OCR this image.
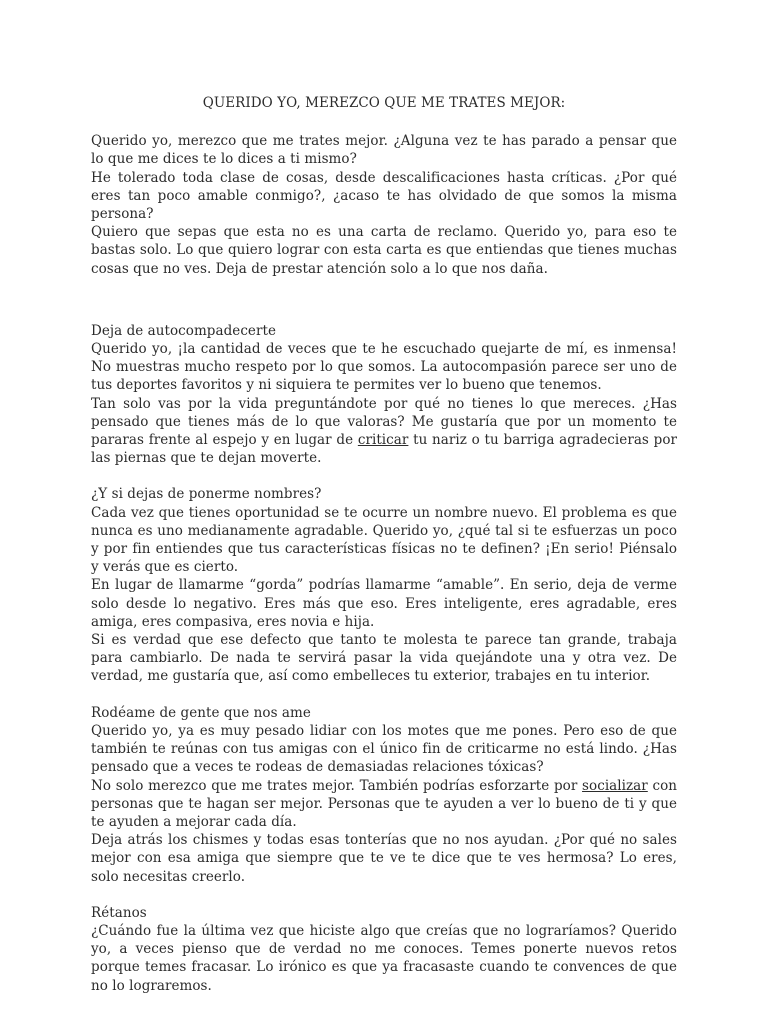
QUERIDO YO, MEREZCO QUE ME TRATES MEJOR:

Querido yo, merezco que me trates mejor. ¿Alguna vez te has parado a pensar que lo que me dices te lo dices a ti mismo?

He tolerado toda clase de cosas, desde descalificaciones hasta críticas. ¿Por qué eres tan poco amable conmigo?, ¿acaso te has olvidado de que somos la misma persona?

Quiero que sepas que esta no es una carta de reclamo. Querido yo, para eso te bastas solo. Lo que quiero lograr con esta carta es que entiendas que tienes muchas cosas que no ves. Deja de prestar atención solo a lo que nos daña.

Deja de autocompadecerte

Querido yo, ¡la cantidad de veces que te he escuchado quejarte de mí, es inmensa! No muestras mucho respeto por lo que somos. La autocompasión parece ser uno de tus deportes favoritos y ni siquiera te permites ver lo bueno que tenemos.

Tan solo vas por la vida preguntándote por qué no tienes lo que mereces. ¿Has pensado que tienes más de lo que valoras? Me gustaría que por un momento te pararas frente al espejo y en lugar de criticar tu nariz o tu barriga agradecieras por las piernas que te dejan moverte.

¿Y si dejas de ponerme nombres?

Cada vez que tienes oportunidad se te ocurre un nombre nuevo. El problema es que nunca es uno medianamente agradable. Querido yo, ¿qué tal si te esfuerzas un poco y por fin entiendes que tus características físicas no te definen? ¡En serio! Piénsalo y verás que es cierto.

En lugar de llamarme “gorda” podrías llamarme “amable”. En serio, deja de verme solo desde lo negativo. Eres más que eso. Eres inteligente, eres agradable, eres amiga, eres compasiva, eres novia e hija.

Si es verdad que ese defecto que tanto te molesta te parece tan grande, trabaja para cambiarlo. De nada te servirá pasar la vida quejándote una y otra vez. De verdad, me gustaría que, así como embelleces tu exterior, trabajes en tu interior.

Rodéame de gente que nos ame

Querido yo, ya es muy pesado lidiar con los motes que me pones. Pero eso de que también te reúnas con tus amigas con el único fin de criticarme no está lindo. ¿Has pensado que a veces te rodeas de demasiadas relaciones tóxicas?

No solo merezco que me trates mejor. También podrías esforzarte por socializar con personas que te hagan ser mejor. Personas que te ayuden a ver lo bueno de ti y que te ayuden a mejorar cada día.

Deja atrás los chismes y todas esas tonterías que no nos ayudan. ¿Por qué no sales mejor con esa amiga que siempre que te ve te dice que te ves hermosa? Lo eres, solo necesitas creerlo.

Rétanos

¿Cuándo fue la última vez que hiciste algo que creías que no lograríamos? Querido yo, a veces pienso que de verdad no me conoces. Temes ponerte nuevos retos porque temes fracasar. Lo irónico es que ya fracasaste cuando te convences de que no lo lograremos.
